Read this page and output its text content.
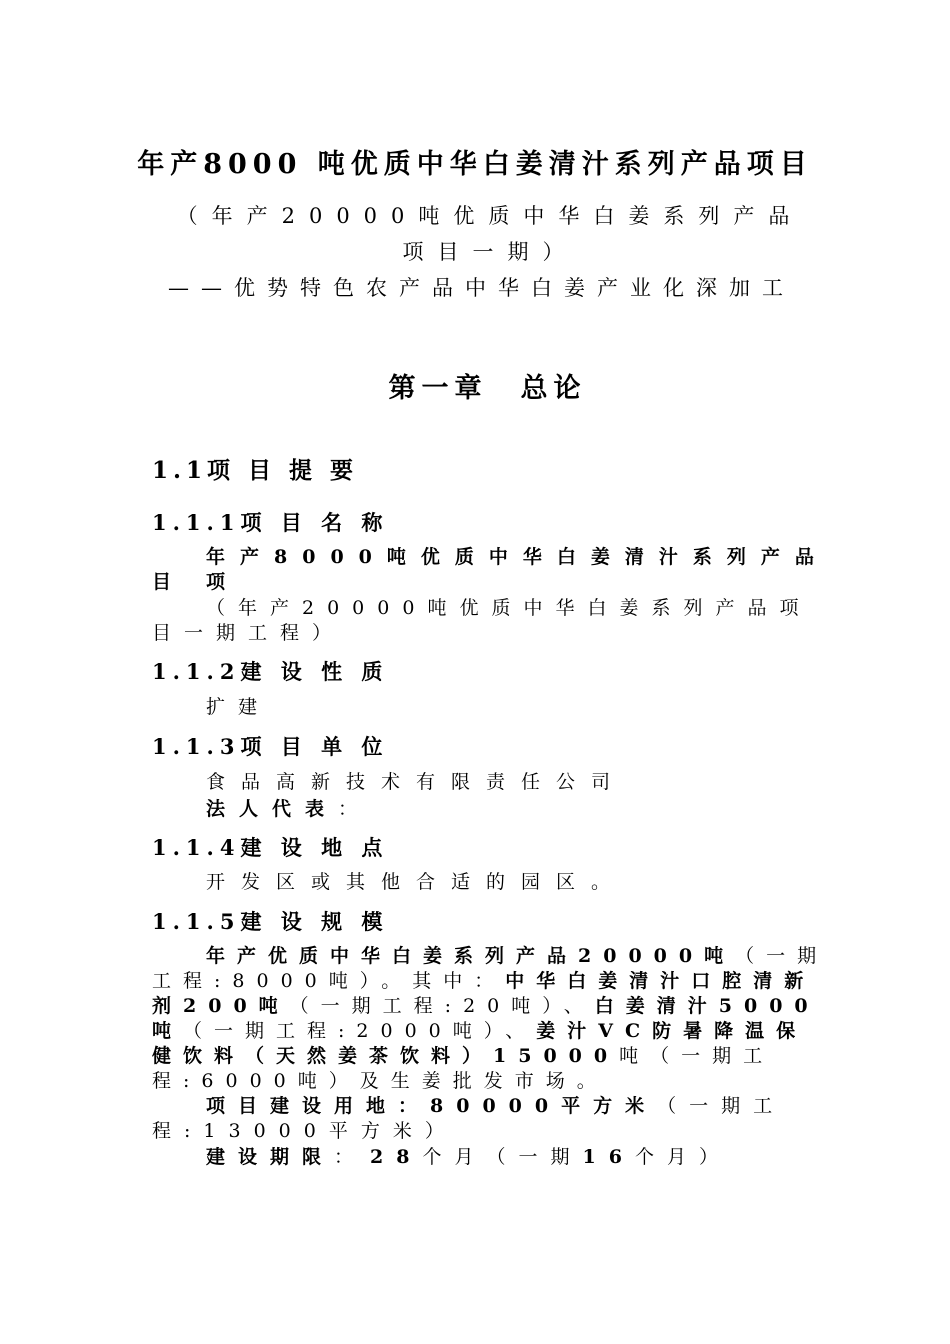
年产8000 吨优质中华白姜清汁系列产品项目
（年产20000吨优质中华白姜系列产品项目一期）
——优势特色农产品中华白姜产业化深加工
第一章　总论
1.1项 目 提 要
1.1.1项 目 名 称
年产8000吨优质中华白姜清汁系列产品项
目
（年产20000吨优质中华白姜系列产品项目一期工程）
1.1.2建 设 性 质
扩建
1.1.3项 目 单 位
食品高新技术有限责任公司
法人代表：
1.1.4建 设 地 点
开发区或其他合适的园区。
1.1.5建 设 规 模
年产优质中华白姜系列产品20000吨（一期工程:8000吨）。其中：中华白姜清汁口腔清新剂200吨（一期工程:20吨）、白姜清汁5000吨（一期工程:2000吨）、姜汁VC防暑降温保健饮料（天然姜茶饮料）15000吨（一期工程:6000吨）及生姜批发市场。
项目建设用地：80000平方米（一期工程:13000平方米）
建设期限： 28个月（一期16个月）
